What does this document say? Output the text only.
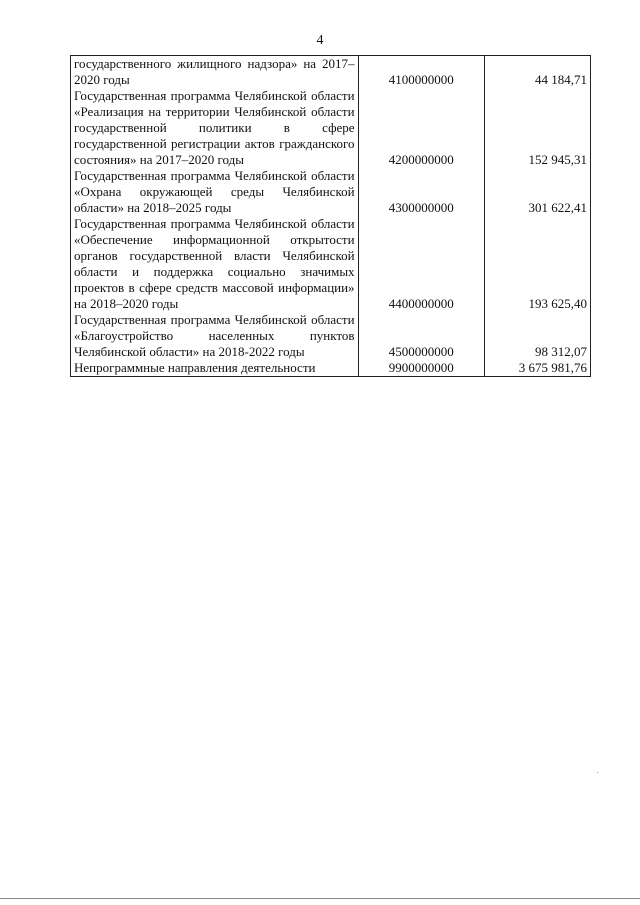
4
государственного жилищного надзора» на 2017–2020 годы	4100000000	44 184,71
Государственная программа Челябинской области «Реализация на территории Челябинской области государственной политики в сфере государственной регистрации актов гражданского состояния» на 2017–2020 годы	4200000000	152 945,31
Государственная программа Челябинской области «Охрана окружающей среды Челябинской области» на 2018–2025 годы	4300000000	301 622,41
Государственная программа Челябинской области «Обеспечение информационной открытости органов государственной власти Челябинской области и поддержка социально значимых проектов в сфере средств массовой информации» на 2018–2020 годы	4400000000	193 625,40
Государственная программа Челябинской области «Благоустройство населенных пунктов Челябинской области» на 2018-2022 годы	4500000000	98 312,07
Непрограммные направления деятельности	9900000000	3 675 981,76
